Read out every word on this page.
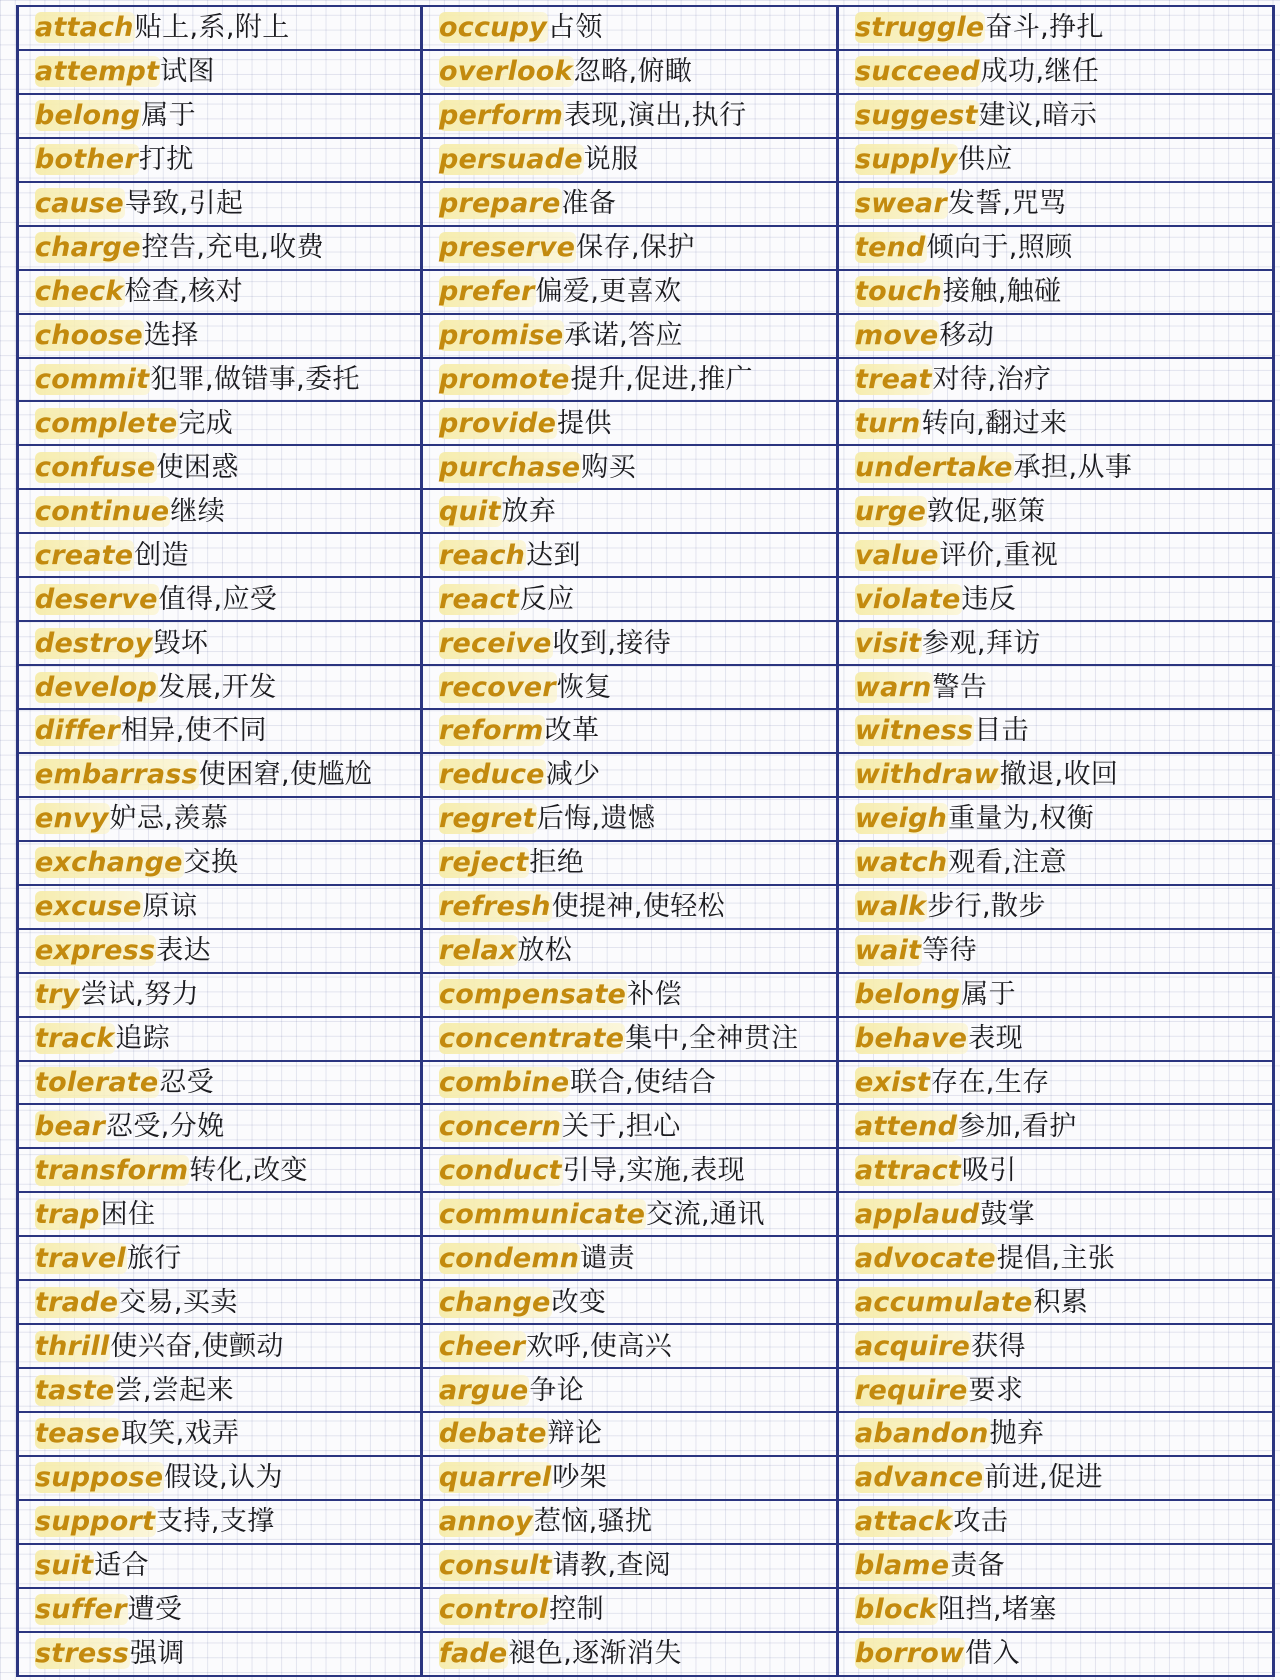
attach贴上,系,附上	occupy占领	struggle奋斗,挣扎
attempt试图	overlook忽略,俯瞰	succeed成功,继任
belong属于	perform表现,演出,执行	suggest建议,暗示
bother打扰	persuade说服	supply供应
cause导致,引起	prepare准备	swear发誓,咒骂
charge控告,充电,收费	preserve保存,保护	tend倾向于,照顾
check检查,核对	prefer偏爱,更喜欢	touch接触,触碰
choose选择	promise承诺,答应	move移动
commit犯罪,做错事,委托	promote提升,促进,推广	treat对待,治疗
complete完成	provide提供	turn转向,翻过来
confuse使困惑	purchase购买	undertake承担,从事
continue继续	quit放弃	urge敦促,驱策
create创造	reach达到	value评价,重视
deserve值得,应受	react反应	violate违反
destroy毁坏	receive收到,接待	visit参观,拜访
develop发展,开发	recover恢复	warn警告
differ相异,使不同	reform改革	witness目击
embarrass使困窘,使尴尬	reduce减少	withdraw撤退,收回
envy妒忌,羡慕	regret后悔,遗憾	weigh重量为,权衡
exchange交换	reject拒绝	watch观看,注意
excuse原谅	refresh使提神,使轻松	walk步行,散步
express表达	relax放松	wait等待
try尝试,努力	compensate补偿	belong属于
track追踪	concentrate集中,全神贯注	behave表现
tolerate忍受	combine联合,使结合	exist存在,生存
bear忍受,分娩	concern关于,担心	attend参加,看护
transform转化,改变	conduct引导,实施,表现	attract吸引
trap困住	communicate交流,通讯	applaud鼓掌
travel旅行	condemn谴责	advocate提倡,主张
trade交易,买卖	change改变	accumulate积累
thrill使兴奋,使颤动	cheer欢呼,使高兴	acquire获得
taste尝,尝起来	argue争论	require要求
tease取笑,戏弄	debate辩论	abandon抛弃
suppose假设,认为	quarrel吵架	advance前进,促进
support支持,支撑	annoy惹恼,骚扰	attack攻击
suit适合	consult请教,查阅	blame责备
suffer遭受	control控制	block阻挡,堵塞
stress强调	fade褪色,逐渐消失	borrow借入
